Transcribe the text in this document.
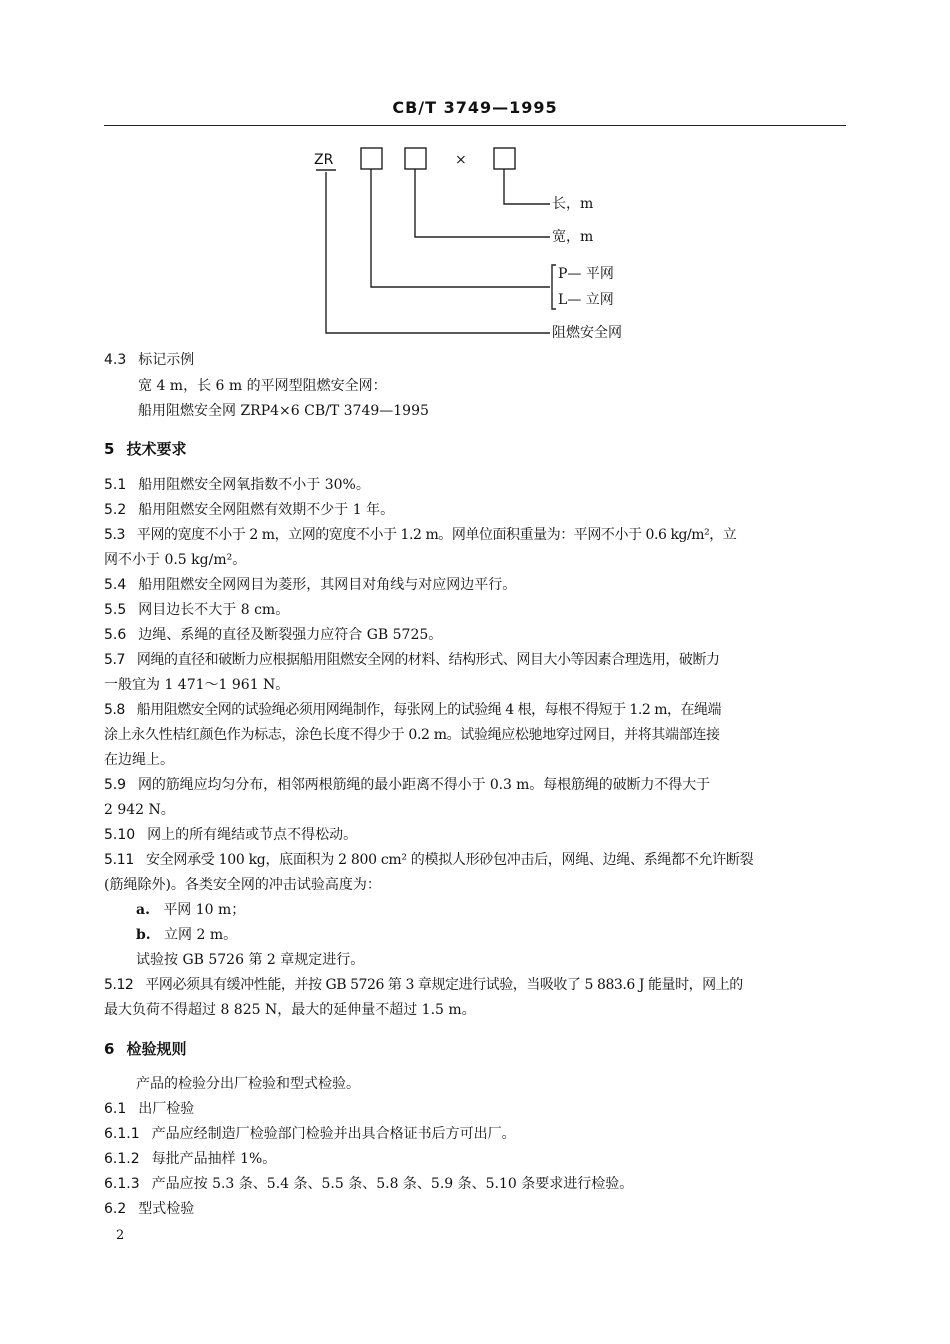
CB/T 3749—1995
ZR	×
长，m
宽，m
P— 平网
L— 立网
阻燃安全网
4.3 标记示例
宽 4 m，长 6 m 的平网型阻燃安全网：
船用阻燃安全网 ZRP4×6 CB/T 3749—1995
5 技术要求
5.1 船用阻燃安全网氧指数不小于 30%。
5.2 船用阻燃安全网阻燃有效期不少于 1 年。
5.3 平网的宽度不小于 2 m，立网的宽度不小于 1.2 m。网单位面积重量为：平网不小于 0.6 kg/m²，立
网不小于 0.5 kg/m²。
5.4 船用阻燃安全网网目为菱形，其网目对角线与对应网边平行。
5.5 网目边长不大于 8 cm。
5.6 边绳、系绳的直径及断裂强力应符合 GB 5725。
5.7 网绳的直径和破断力应根据船用阻燃安全网的材料、结构形式、网目大小等因素合理选用，破断力
一般宜为 1 471～1 961 N。
5.8 船用阻燃安全网的试验绳必须用网绳制作，每张网上的试验绳 4 根，每根不得短于 1.2 m，在绳端
涂上永久性桔红颜色作为标志，涂色长度不得少于 0.2 m。试验绳应松驰地穿过网目，并将其端部连接
在边绳上。
5.9 网的筋绳应均匀分布，相邻两根筋绳的最小距离不得小于 0.3 m。每根筋绳的破断力不得大于
2 942 N。
5.10 网上的所有绳结或节点不得松动。
5.11 安全网承受 100 kg，底面积为 2 800 cm² 的模拟人形砂包冲击后，网绳、边绳、系绳都不允许断裂
(筋绳除外)。各类安全网的冲击试验高度为：
a. 平网 10 m；
b. 立网 2 m。
试验按 GB 5726 第 2 章规定进行。
5.12 平网必须具有缓冲性能，并按 GB 5726 第 3 章规定进行试验，当吸收了 5 883.6 J 能量时，网上的
最大负荷不得超过 8 825 N，最大的延伸量不超过 1.5 m。
6 检验规则
产品的检验分出厂检验和型式检验。
6.1 出厂检验
6.1.1 产品应经制造厂检验部门检验并出具合格证书后方可出厂。
6.1.2 每批产品抽样 1%。
6.1.3 产品应按 5.3 条、5.4 条、5.5 条、5.8 条、5.9 条、5.10 条要求进行检验。
6.2 型式检验
2
